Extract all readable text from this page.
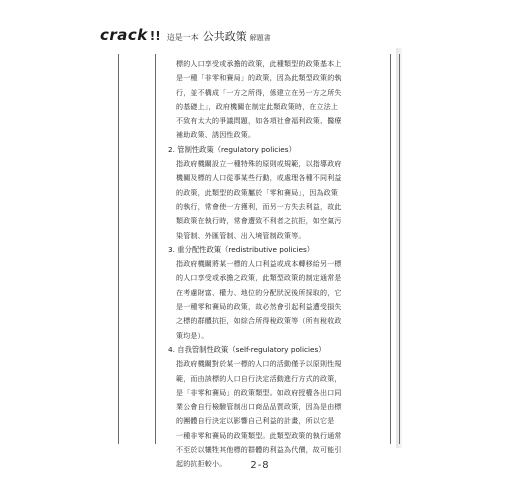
crack !! 這是一本 公共政策 解題書
標的人口享受或承擔的政策，此種類型的政策基本上
是一種「非零和賽局」的政策，因為此類型政策的執
行，並不構成「一方之所得，係建立在另一方之所失
的基礎上」，政府機關在制定此類政策時，在立法上
不致有太大的爭議問題，如各項社會福利政策、醫療
補助政策、誘因性政策。
2. 管制性政策（regulatory policies）
指政府機關設立一種特殊的原則或規範，以指導政府
機關及標的人口從事某些行動，或處理各種不同利益
的政策，此類型的政策屬於「零和賽局」，因為政策
的執行，常會使一方獲利，而另一方失去利益，故此
類政策在執行時，常會遭致不利者之抗拒，如空氣污
染管制、外匯管制、出入境管制政策等。
3. 重分配性政策（redistributive policies）
指政府機關將某一標的人口利益或成本轉移給另一標
的人口享受或承擔之政策，此類型政策的制定通常是
在考慮財富、權力、地位的分配狀況後所採取的，它
是一種零和賽局的政策，故必然會引起利益遭受損失
之標的群體抗拒，如綜合所得稅政策等（所有稅收政
策均是）。
4. 自我管制性政策（self-regulatory policies）
指政府機關對於某一標的人口的活動僅予以原則性規
範，而由該標的人口自行決定活動進行方式的政策，
是「非零和賽局」的政策類型。如政府授權各出口同
業公會自行檢驗管制出口商品品質政策，因為是由標
的團體自行決定以影響自己利益的計畫，所以它是
一種非零和賽局的政策類型。此類型政策的執行通常
不至於以犧牲其他標的群體的利益為代價，故可能引
起的抗拒較小。	2-8
